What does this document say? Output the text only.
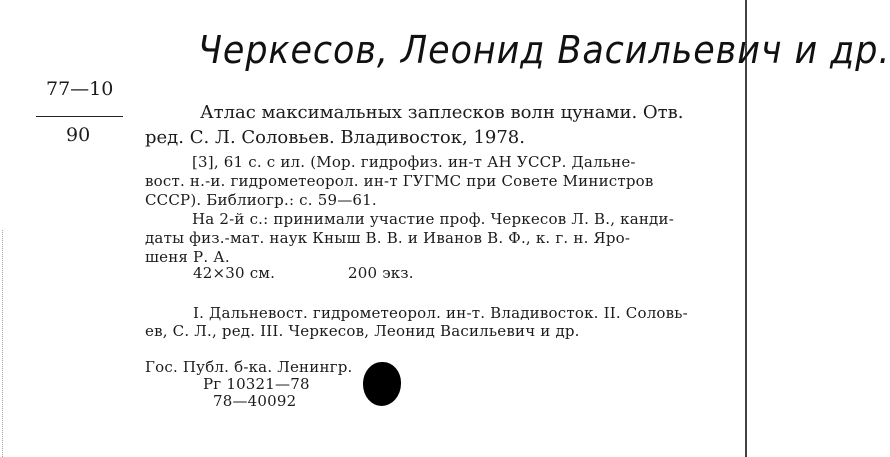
Черкесов, Леонид Васильевич и др.
77—10
90
Атлас максимальных заплесков волн цунами. Отв.
ред. С. Л. Соловьев. Владивосток, 1978.
[3], 61 с. с ил. (Мор. гидрофиз. ин-т АН УССР. Дальне-
вост. н.-и. гидрометеорол. ин-т ГУГМС при Совете Министров
СССР). Библиогр.: с. 59—61.
На 2-й с.: принимали участие проф. Черкесов Л. В., канди-
даты физ.-мат. наук Кныш В. В. и Иванов В. Ф., к. г. н. Яро-
шеня Р. А.
42×30 см.	200 экз.
I. Дальневост. гидрометеорол. ин-т. Владивосток. II. Соловь-
ев, С. Л., ред. III. Черкесов, Леонид Васильевич и др.
Гос. Публ. б-ка. Ленингр.
Рг 10321—78
78—40092
